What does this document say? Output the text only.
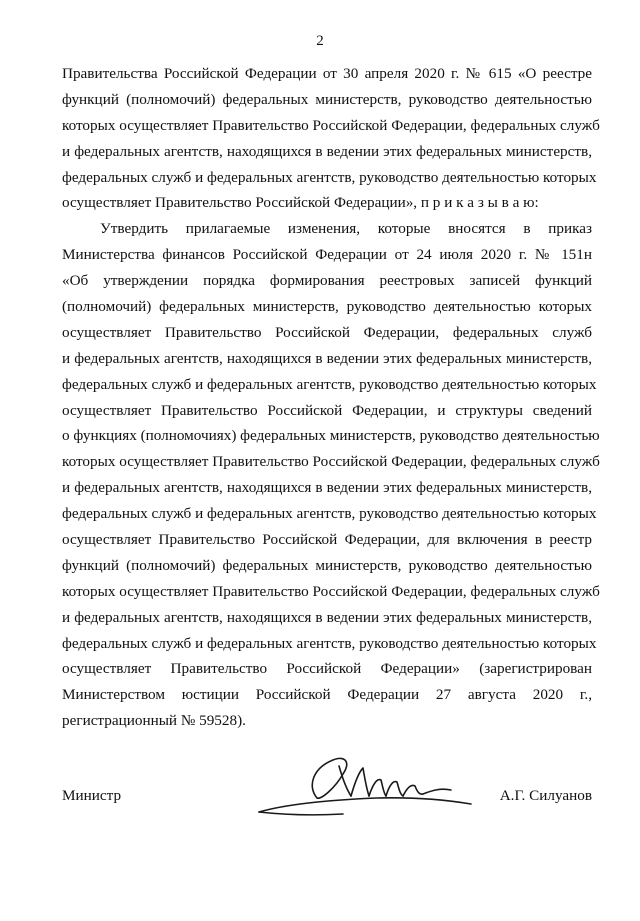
2
Правительства Российской Федерации от 30 апреля 2020 г. № 615 «О реестре
функций (полномочий) федеральных министерств, руководство деятельностью
которых осуществляет Правительство Российской Федерации, федеральных служб
и федеральных агентств, находящихся в ведении этих федеральных министерств,
федеральных служб и федеральных агентств, руководство деятельностью которых
осуществляет Правительство Российской Федерации», п р и к а з ы в а ю:
Утвердить прилагаемые изменения, которые вносятся в приказ
Министерства финансов Российской Федерации от 24 июля 2020 г. № 151н
«Об утверждении порядка формирования реестровых записей функций
(полномочий) федеральных министерств, руководство деятельностью которых
осуществляет Правительство Российской Федерации, федеральных служб
и федеральных агентств, находящихся в ведении этих федеральных министерств,
федеральных служб и федеральных агентств, руководство деятельностью которых
осуществляет Правительство Российской Федерации, и структуры сведений
о функциях (полномочиях) федеральных министерств, руководство деятельностью
которых осуществляет Правительство Российской Федерации, федеральных служб
и федеральных агентств, находящихся в ведении этих федеральных министерств,
федеральных служб и федеральных агентств, руководство деятельностью которых
осуществляет Правительство Российской Федерации, для включения в реестр
функций (полномочий) федеральных министерств, руководство деятельностью
которых осуществляет Правительство Российской Федерации, федеральных служб
и федеральных агентств, находящихся в ведении этих федеральных министерств,
федеральных служб и федеральных агентств, руководство деятельностью которых
осуществляет Правительство Российской Федерации» (зарегистрирован
Министерством юстиции Российской Федерации 27 августа 2020 г.,
регистрационный № 59528).
Министр	А.Г. Силуанов
